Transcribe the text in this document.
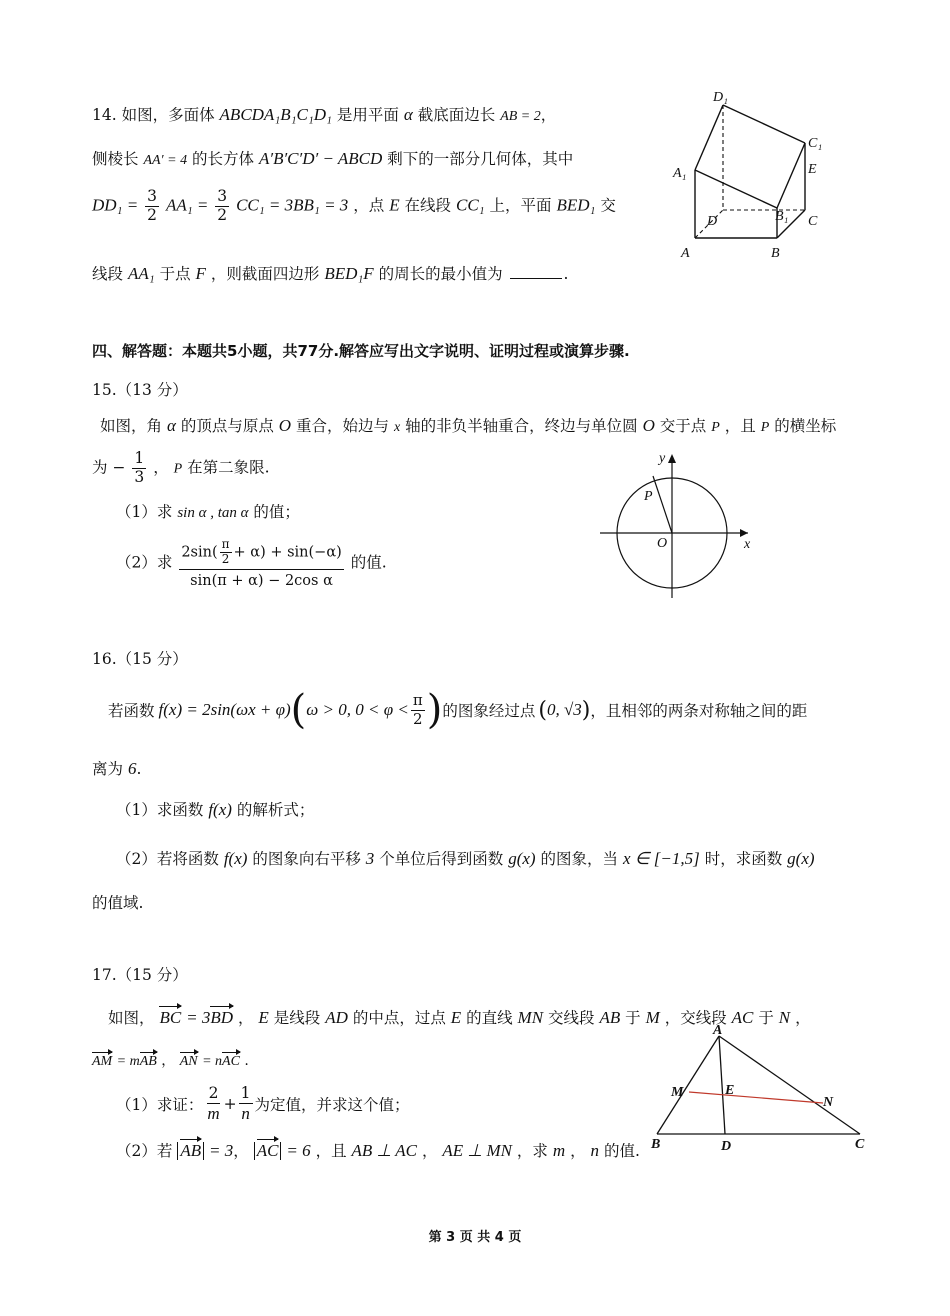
14. 如图，多面体 ABCDA₁B₁C₁D₁ 是用平面 α 截底面边长 AB = 2，
侧棱长 AA′ = 4 的长方体 A′B′C′D′ − ABCD 剩下的一部分几何体，其中
$DD_1 = \frac{3}{2} AA_1 = \frac{3}{2} CC_1 = 3BB_1 = 3$ ，点 E 在线段 CC₁ 上，平面 BED₁ 交
线段 AA₁ 于点 F ，则截面四边形 BED₁F 的周长的最小值为	.
D₁
C₁
E
A₁
B₁ C
D
A	B
四、解答题：本题共5小题，共77分.解答应写出文字说明、证明过程或演算步骤.
15.（13 分）
如图，角 α 的顶点与原点 O 重合，始边与 x 轴的非负半轴重合，终边与单位圆 O 交于点 P ，且 P 的横坐标
为 − $\frac{1}{3}$ ， P 在第二象限.
（1）求 sin α , tan α 的值；
（2）求 $\frac{2\sin( \frac{\pi}{2} + \alpha) + \sin(-\alpha)}{\text{sin(π + α) − 2cos α}}$ 的值.
y
x
P
O
16.（15 分）
若函数 f(x) = 2sin(ωx + φ) ( ω > 0, $0 < \varphi < \frac{\pi}{2}$ ) 的图象经过点 ( 0, √3 ) ，且相邻的两条对称轴之间的距
离为 6.
（1）求函数 f(x) 的解析式；
（2）若将函数 f(x) 的图象向右平移 3 个单位后得到函数 g(x) 的图象，当 x ∈ [−1,5] 时，求函数 g(x)
的值域.
17.（15 分）
如图， BC = 3BD ， E 是线段 AD 的中点，过点 E 的直线 MN 交线段 AB 于 M ，交线段 AC 于 N ，
AM = mAB ， AN = nAC .
（1）求证： $\frac{2}{m} + \frac{1}{n}$ 为定值，并求这个值；
（2）若 AB = 3， AC = 6 ，且 AB ⊥ AC ， AE ⊥ MN ，求 m ， n 的值.
A
M	E
N
B	D	C
第 3 页 共 4 页
